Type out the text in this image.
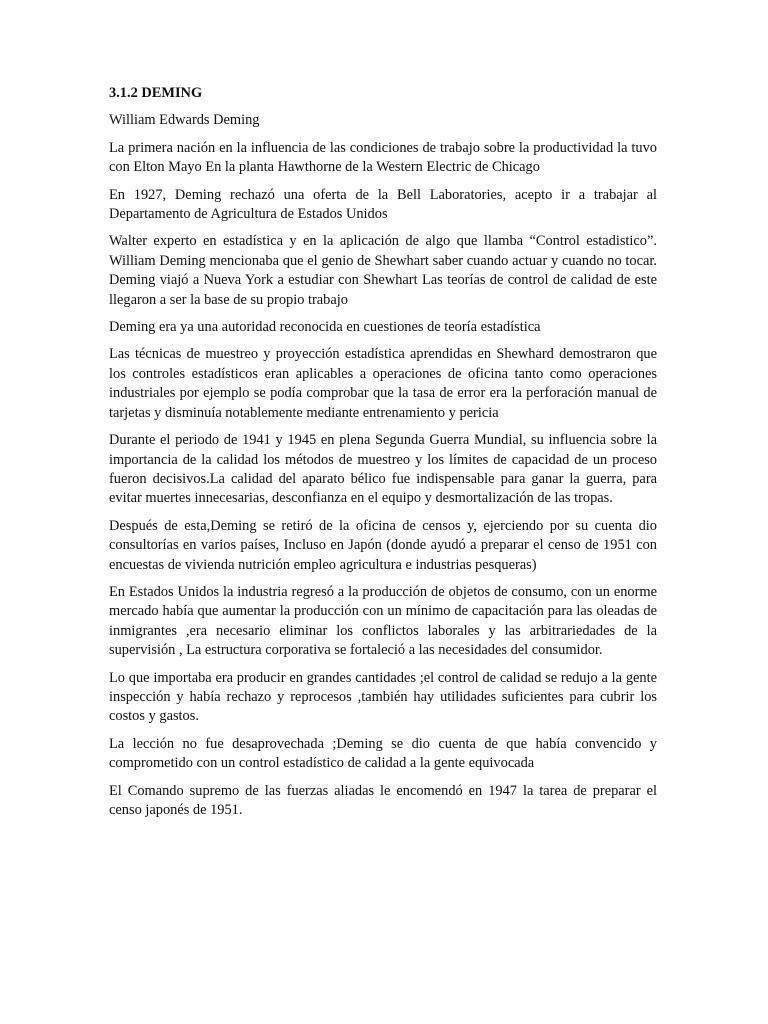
3.1.2 DEMING

William Edwards Deming

La primera nación en la influencia de las condiciones de trabajo sobre la productividad la tuvo con Elton Mayo En la planta Hawthorne de la Western Electric de Chicago

En 1927, Deming rechazó una oferta de la Bell Laboratories, acepto ir a trabajar al Departamento de Agricultura de Estados Unidos

Walter experto en estadística y en la aplicación de algo que llamba “Control estadistico”. William Deming mencionaba que el genio de Shewhart saber cuando actuar y cuando no tocar. Deming viajó a Nueva York a estudiar con Shewhart Las teorías de control de calidad de este llegaron a ser la base de su propio trabajo

Deming era ya una autoridad reconocida en cuestiones de teoría estadística

Las técnicas de muestreo y proyección estadística aprendidas en Shewhard demostraron que los controles estadísticos eran aplicables a operaciones de oficina tanto como operaciones industriales por ejemplo se podía comprobar que la tasa de error era la perforación manual de tarjetas y disminuía notablemente mediante entrenamiento y pericia

Durante el periodo de 1941 y 1945 en plena Segunda Guerra Mundial, su influencia sobre la importancia de la calidad los métodos de muestreo y los límites de capacidad de un proceso fueron decisivos.La calidad del aparato bélico fue indispensable para ganar la guerra, para evitar muertes innecesarias, desconfianza en el equipo y desmortalización de las tropas.

Después de esta,Deming se retiró de la oficina de censos y, ejerciendo por su cuenta dio consultorías en varios países, Incluso en Japón (donde ayudó a preparar el censo de 1951 con encuestas de vivienda nutrición empleo agricultura e industrias pesqueras)

En Estados Unidos la industria regresó a la producción de objetos de consumo, con un enorme mercado había que aumentar la producción con un mínimo de capacitación para las oleadas de inmigrantes ,era necesario eliminar los conflictos laborales y las arbitrariedades de la supervisión , La estructura corporativa se fortaleció a las necesidades del consumidor.

Lo que importaba era producir en grandes cantidades ;el control de calidad se redujo a la gente inspección y había rechazo y reprocesos ,también hay utilidades suficientes para cubrir los costos y gastos.

La lección no fue desaprovechada ;Deming se dio cuenta de que había convencido y comprometido con un control estadístico de calidad a la gente equivocada

El Comando supremo de las fuerzas aliadas le encomendó en 1947 la tarea de preparar el censo japonés de 1951.
